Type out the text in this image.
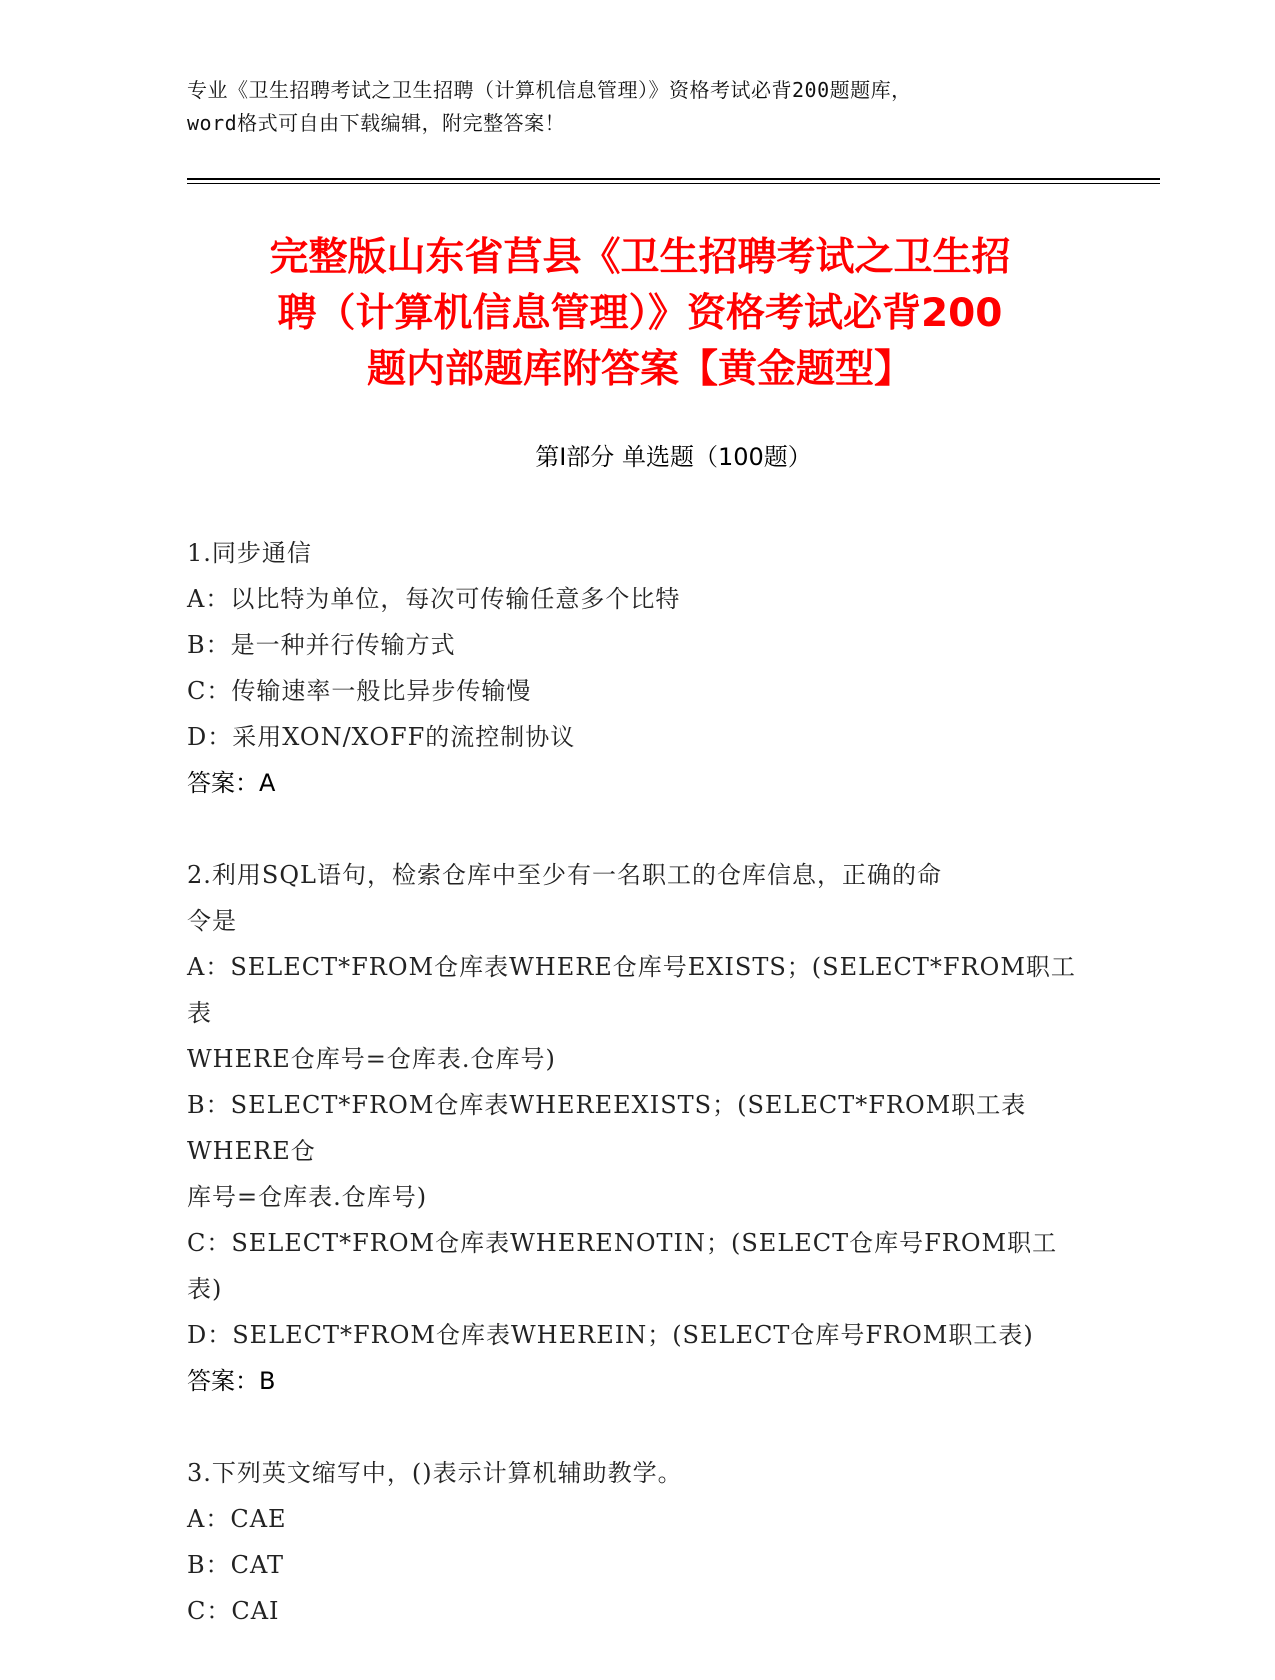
专业《卫生招聘考试之卫生招聘（计算机信息管理）》资格考试必背200题题库，
word格式可自由下载编辑，附完整答案！
完整版山东省莒县《卫生招聘考试之卫生招
聘（计算机信息管理）》资格考试必背200
题内部题库附答案【黄金题型】
第Ⅰ部分 单选题（100题）

1.同步通信

A：以比特为单位，每次可传输任意多个比特

B：是一种并行传输方式

C：传输速率一般比异步传输慢

D：采用XON/XOFF的流控制协议

答案：A

2.利用SQL语句，检索仓库中至少有一名职工的仓库信息，正确的命

令是

A：SELECT*FROM仓库表WHERE仓库号EXISTS；(SELECT*FROM职工表

WHERE仓库号=仓库表.仓库号)

B：SELECT*FROM仓库表WHEREEXISTS；(SELECT*FROM职工表WHERE仓

库号=仓库表.仓库号)

C：SELECT*FROM仓库表WHERENOTIN；(SELECT仓库号FROM职工表)

D：SELECT*FROM仓库表WHEREIN；(SELECT仓库号FROM职工表)

答案：B

3.下列英文缩写中，()表示计算机辅助教学。

A：CAE

B：CAT

C：CAI
